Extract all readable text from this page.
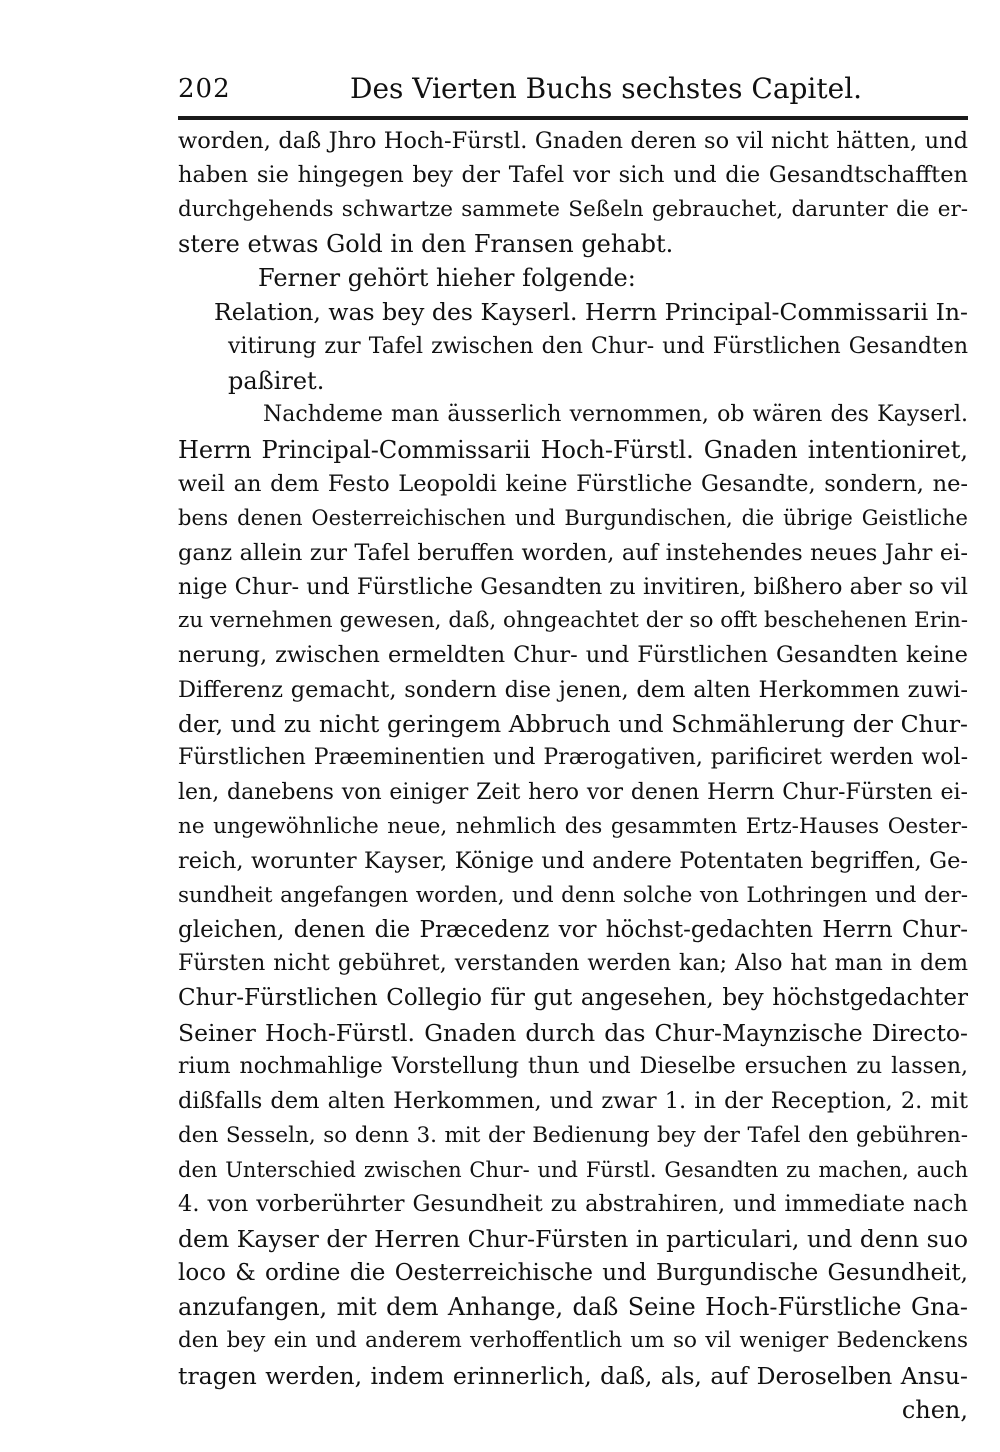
202	Des Vierten Buchs sechstes Capitel.
worden, daß Jhro Hoch-Fürstl. Gnaden deren so vil nicht hätten, und
haben sie hingegen bey der Tafel vor sich und die Gesandtschafften
durchgehends schwartze sammete Seßeln gebrauchet, darunter die er-
stere etwas Gold in den Fransen gehabt.
Ferner gehört hieher folgende:
Relation, was bey des Kayserl. Herrn Principal-Commissarii In-
vitirung zur Tafel zwischen den Chur- und Fürstlichen Gesandten
paßiret.
Nachdeme man äusserlich vernommen, ob wären des Kayserl.
Herrn Principal-Commissarii Hoch-Fürstl. Gnaden intentioniret,
weil an dem Festo Leopoldi keine Fürstliche Gesandte, sondern, ne-
bens denen Oesterreichischen und Burgundischen, die übrige Geistliche
ganz allein zur Tafel beruffen worden, auf instehendes neues Jahr ei-
nige Chur- und Fürstliche Gesandten zu invitiren, bißhero aber so vil
zu vernehmen gewesen, daß, ohngeachtet der so offt beschehenen Erin-
nerung, zwischen ermeldten Chur- und Fürstlichen Gesandten keine
Differenz gemacht, sondern dise jenen, dem alten Herkommen zuwi-
der, und zu nicht geringem Abbruch und Schmählerung der Chur-
Fürstlichen Præeminentien und Prærogativen, parificiret werden wol-
len, danebens von einiger Zeit hero vor denen Herrn Chur-Fürsten ei-
ne ungewöhnliche neue, nehmlich des gesammten Ertz-Hauses Oester-
reich, worunter Kayser, Könige und andere Potentaten begriffen, Ge-
sundheit angefangen worden, und denn solche von Lothringen und der-
gleichen, denen die Præcedenz vor höchst-gedachten Herrn Chur-
Fürsten nicht gebühret, verstanden werden kan; Also hat man in dem
Chur-Fürstlichen Collegio für gut angesehen, bey höchstgedachter
Seiner Hoch-Fürstl. Gnaden durch das Chur-Maynzische Directo-
rium nochmahlige Vorstellung thun und Dieselbe ersuchen zu lassen,
dißfalls dem alten Herkommen, und zwar 1. in der Reception, 2. mit
den Sesseln, so denn 3. mit der Bedienung bey der Tafel den gebühren-
den Unterschied zwischen Chur- und Fürstl. Gesandten zu machen, auch
4. von vorberührter Gesundheit zu abstrahiren, und immediate nach
dem Kayser der Herren Chur-Fürsten in particulari, und denn suo
loco & ordine die Oesterreichische und Burgundische Gesundheit,
anzufangen, mit dem Anhange, daß Seine Hoch-Fürstliche Gna-
den bey ein und anderem verhoffentlich um so vil weniger Bedenckens
tragen werden, indem erinnerlich, daß, als, auf Deroselben Ansu-
chen,
